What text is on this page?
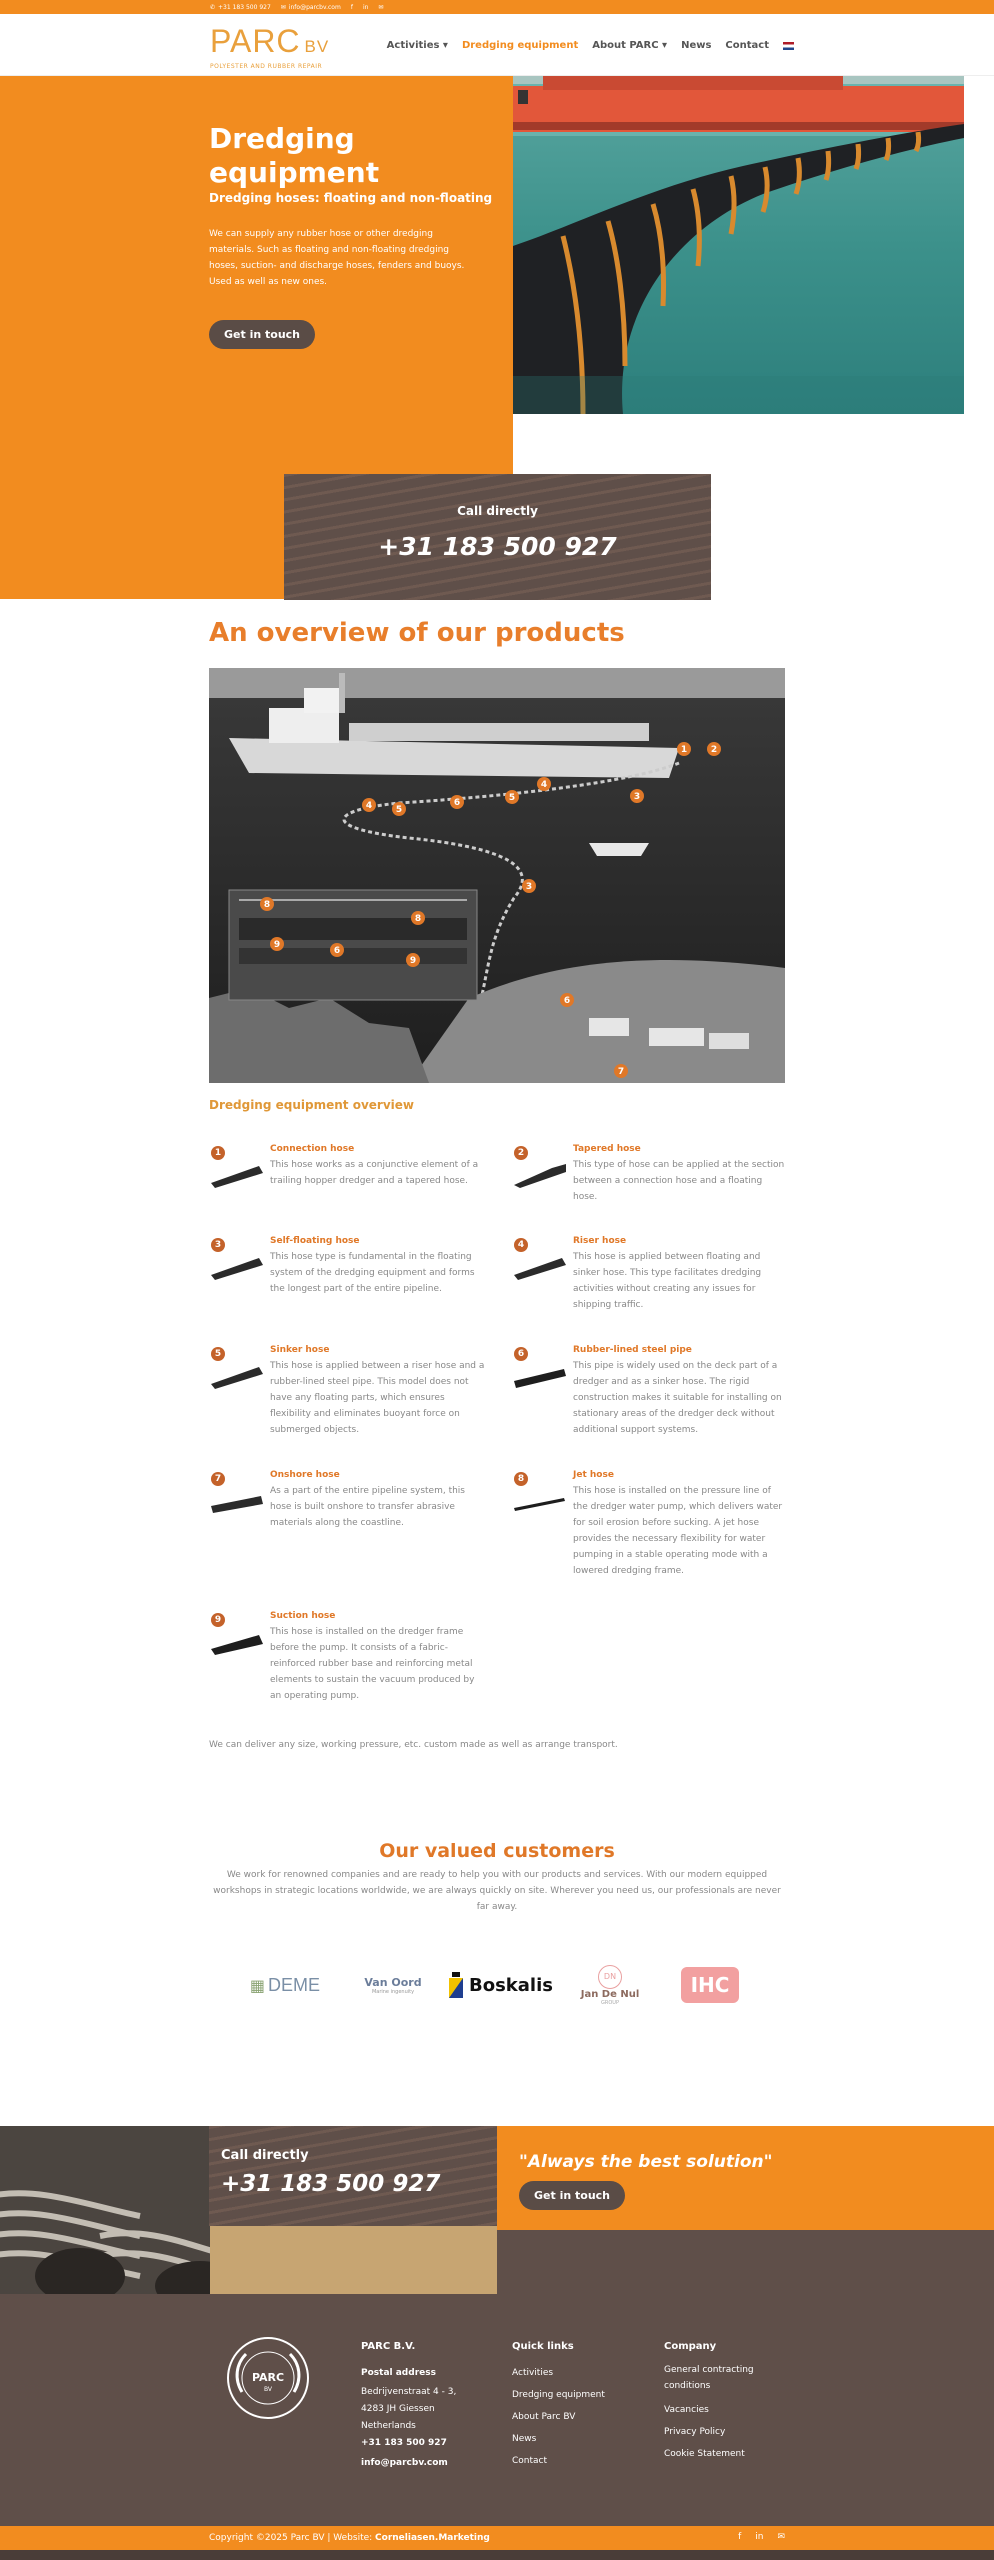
✆ +31 183 500 927 ✉ info@parcbv.com f in ✉
PARC BV
POLYESTER AND RUBBER REPAIR
Activities ▾ Dredging equipment About PARC ▾ News Contact
Dredging equipment
Dredging hoses: floating and non-floating

We can supply any rubber hose or other dredging materials. Such as floating and non-floating dredging hoses, suction- and discharge hoses, fenders and buoys. Used as well as new ones.

Get in touch
Call directly
+31 183 500 927
An overview of our products
1	2
3
4
4
5
5
6
6
7
8
8
9
9
3
6
Dredging equipment overview
1	Connection hose
This hose works as a conjunctive element of a trailing hopper dredger and a tapered hose.
2	Tapered hose
This type of hose can be applied at the section between a connection hose and a floating hose.
3	Self-floating hose
This hose type is fundamental in the floating system of the dredging equipment and forms the longest part of the entire pipeline.
4	Riser hose
This hose is applied between floating and sinker hose. This type facilitates dredging activities without creating any issues for shipping traffic.
5	Sinker hose
This hose is applied between a riser hose and a rubber-lined steel pipe. This model does not have any floating parts, which ensures flexibility and eliminates buoyant force on submerged objects.
6	Rubber-lined steel pipe
This pipe is widely used on the deck part of a dredger and as a sinker hose. The rigid construction makes it suitable for installing on stationary areas of the dredger deck without additional support systems.
7	Onshore hose
As a part of the entire pipeline system, this hose is built onshore to transfer abrasive materials along the coastline.
8	Jet hose
This hose is installed on the pressure line of the dredger water pump, which delivers water for soil erosion before sucking. A jet hose provides the necessary flexibility for water pumping in a stable operating mode with a lowered dredging frame.
9	Suction hose
This hose is installed on the dredger frame before the pump. It consists of a fabric-reinforced rubber base and reinforcing metal elements to sustain the vacuum produced by an operating pump.

We can deliver any size, working pressure, etc. custom made as well as arrange transport.

Our valued customers

We work for renowned companies and are ready to help you with our products and services. With our modern equipped workshops in strategic locations worldwide, we are always quickly on site. Wherever you need us, our professionals are never far away.

▦ DEME	Van Oord
Marine ingenuity	Boskalis	DN
Jan De Nul
GROUP
IHC
Call directly
+31 183 500 927
"Always the best solution"
Get in touch
PARC
BV
PARC B.V.
Postal address
Bedrijvenstraat 4 - 3,
4283 JH Giessen
Netherlands
+31 183 500 927
info@parcbv.com
Quick links
Activities
Dredging equipment
About Parc BV
News
Contact
Company
General contracting conditions
Vacancies
Privacy Policy
Cookie Statement
Copyright ©2025 Parc BV | Website: Corneliasen.Marketing	f in ✉
